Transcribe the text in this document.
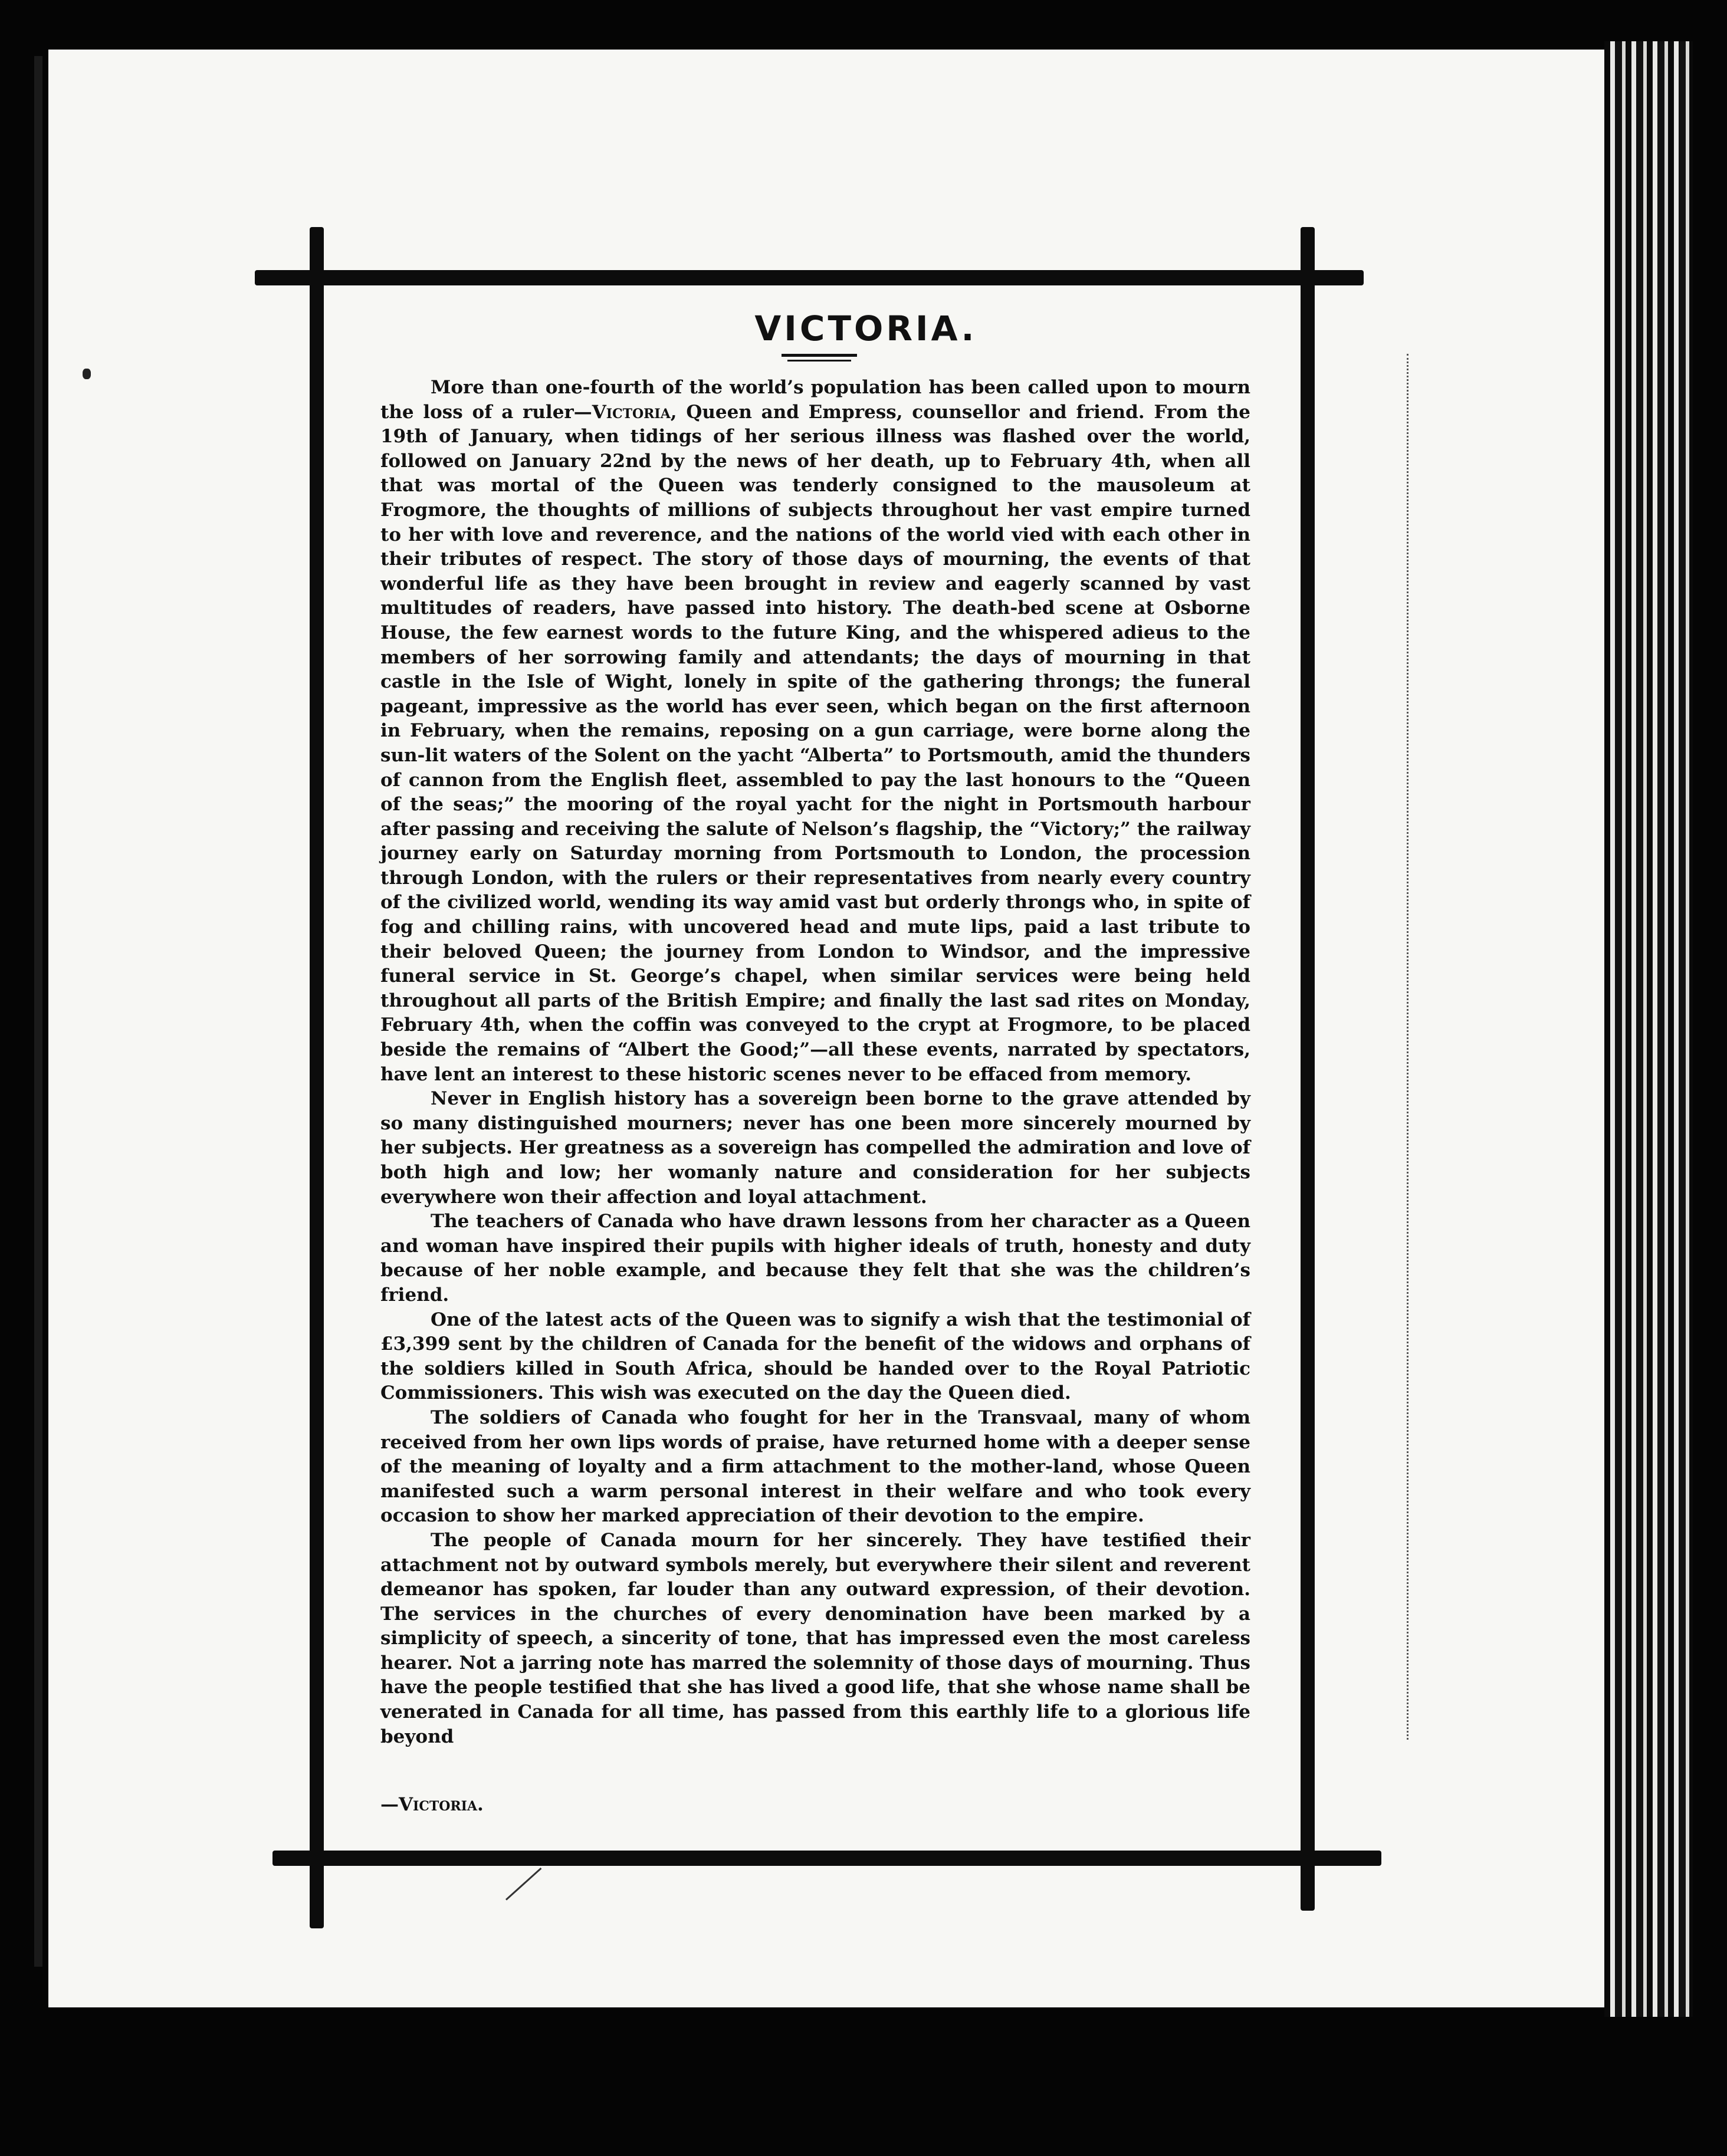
VICTORIA.

More than one-fourth of the world’s population has been called upon to mourn the loss of a ruler—Victoria, Queen and Empress, counsellor and friend. From the 19th of January, when tidings of her serious illness was flashed over the world, followed on January 22nd by the news of her death, up to February 4th, when all that was mortal of the Queen was tenderly consigned to the mausoleum at Frogmore, the thoughts of millions of subjects throughout her vast empire turned to her with love and reverence, and the nations of the world vied with each other in their tributes of respect. The story of those days of mourning, the events of that wonderful life as they have been brought in review and eagerly scanned by vast multitudes of readers, have passed into history. The death-bed scene at Osborne House, the few earnest words to the future King, and the whispered adieus to the members of her sorrowing family and attendants; the days of mourning in that castle in the Isle of Wight, lonely in spite of the gathering throngs; the funeral pageant, impressive as the world has ever seen, which began on the first afternoon in February, when the remains, reposing on a gun carriage, were borne along the sun-lit waters of the Solent on the yacht “Alberta” to Portsmouth, amid the thunders of cannon from the English fleet, assembled to pay the last honours to the “Queen of the seas;” the mooring of the royal yacht for the night in Portsmouth harbour after passing and receiving the salute of Nelson’s flagship, the “Victory;” the railway journey early on Saturday morning from Portsmouth to London, the procession through London, with the rulers or their representatives from nearly every country of the civilized world, wending its way amid vast but orderly throngs who, in spite of fog and chilling rains, with uncovered head and mute lips, paid a last tribute to their beloved Queen; the journey from London to Windsor, and the impressive funeral service in St. George’s chapel, when similar services were being held throughout all parts of the British Empire; and finally the last sad rites on Monday, February 4th, when the coffin was conveyed to the crypt at Frogmore, to be placed beside the remains of “Albert the Good;”—all these events, narrated by spectators, have lent an interest to these historic scenes never to be effaced from memory.

Never in English history has a sovereign been borne to the grave attended by so many distinguished mourners; never has one been more sincerely mourned by her subjects. Her greatness as a sovereign has compelled the admiration and love of both high and low; her womanly nature and consideration for her subjects everywhere won their affection and loyal attachment.

The teachers of Canada who have drawn lessons from her character as a Queen and woman have inspired their pupils with higher ideals of truth, honesty and duty because of her noble example, and because they felt that she was the children’s friend.

One of the latest acts of the Queen was to signify a wish that the testimonial of £3,399 sent by the children of Canada for the benefit of the widows and orphans of the soldiers killed in South Africa, should be handed over to the Royal Patriotic Commissioners. This wish was executed on the day the Queen died.

The soldiers of Canada who fought for her in the Transvaal, many of whom received from her own lips words of praise, have returned home with a deeper sense of the meaning of loyalty and a firm attachment to the mother-land, whose Queen manifested such a warm personal interest in their welfare and who took every occasion to show her marked appreciation of their devotion to the empire.

The people of Canada mourn for her sincerely. They have testified their attachment not by outward symbols merely, but everywhere their silent and reverent demeanor has spoken, far louder than any outward expression, of their devotion. The services in the churches of every denomination have been marked by a simplicity of speech, a sincerity of tone, that has impressed even the most careless hearer. Not a jarring note has marred the solemnity of those days of mourning. Thus have the people testified that she has lived a good life, that she whose name shall be venerated in Canada for all time, has passed from this earthly life to a glorious life beyond

—Victoria.
